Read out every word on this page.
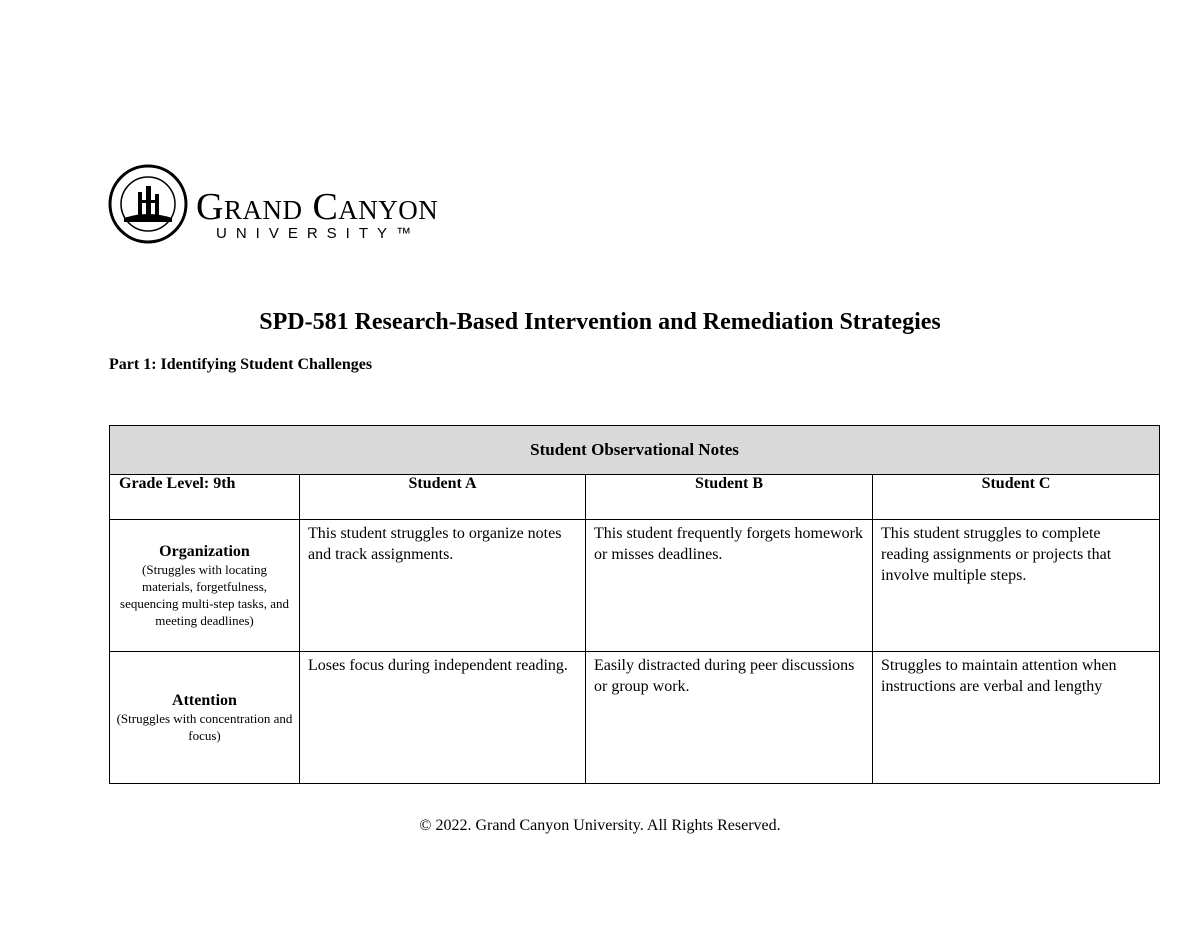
Grand Canyon
UNIVERSITY™
SPD-581 Research-Based Intervention and Remediation Strategies
Part 1: Identifying Student Challenges
Student Observational Notes			
Grade Level: 9th	Student A	Student B	Student C

Organization
(Struggles with locating materials, forgetfulness, sequencing multi-step tasks, and meeting deadlines)	This student struggles to organize notes and track assignments.	This student frequently forgets homework or misses deadlines.	This student struggles to complete reading assignments or projects that involve multiple steps.

Attention
(Struggles with concentration and focus)	Loses focus during independent reading.	Easily distracted during peer discussions or group work.	Struggles to maintain attention when instructions are verbal and lengthy
© 2022. Grand Canyon University. All Rights Reserved.
